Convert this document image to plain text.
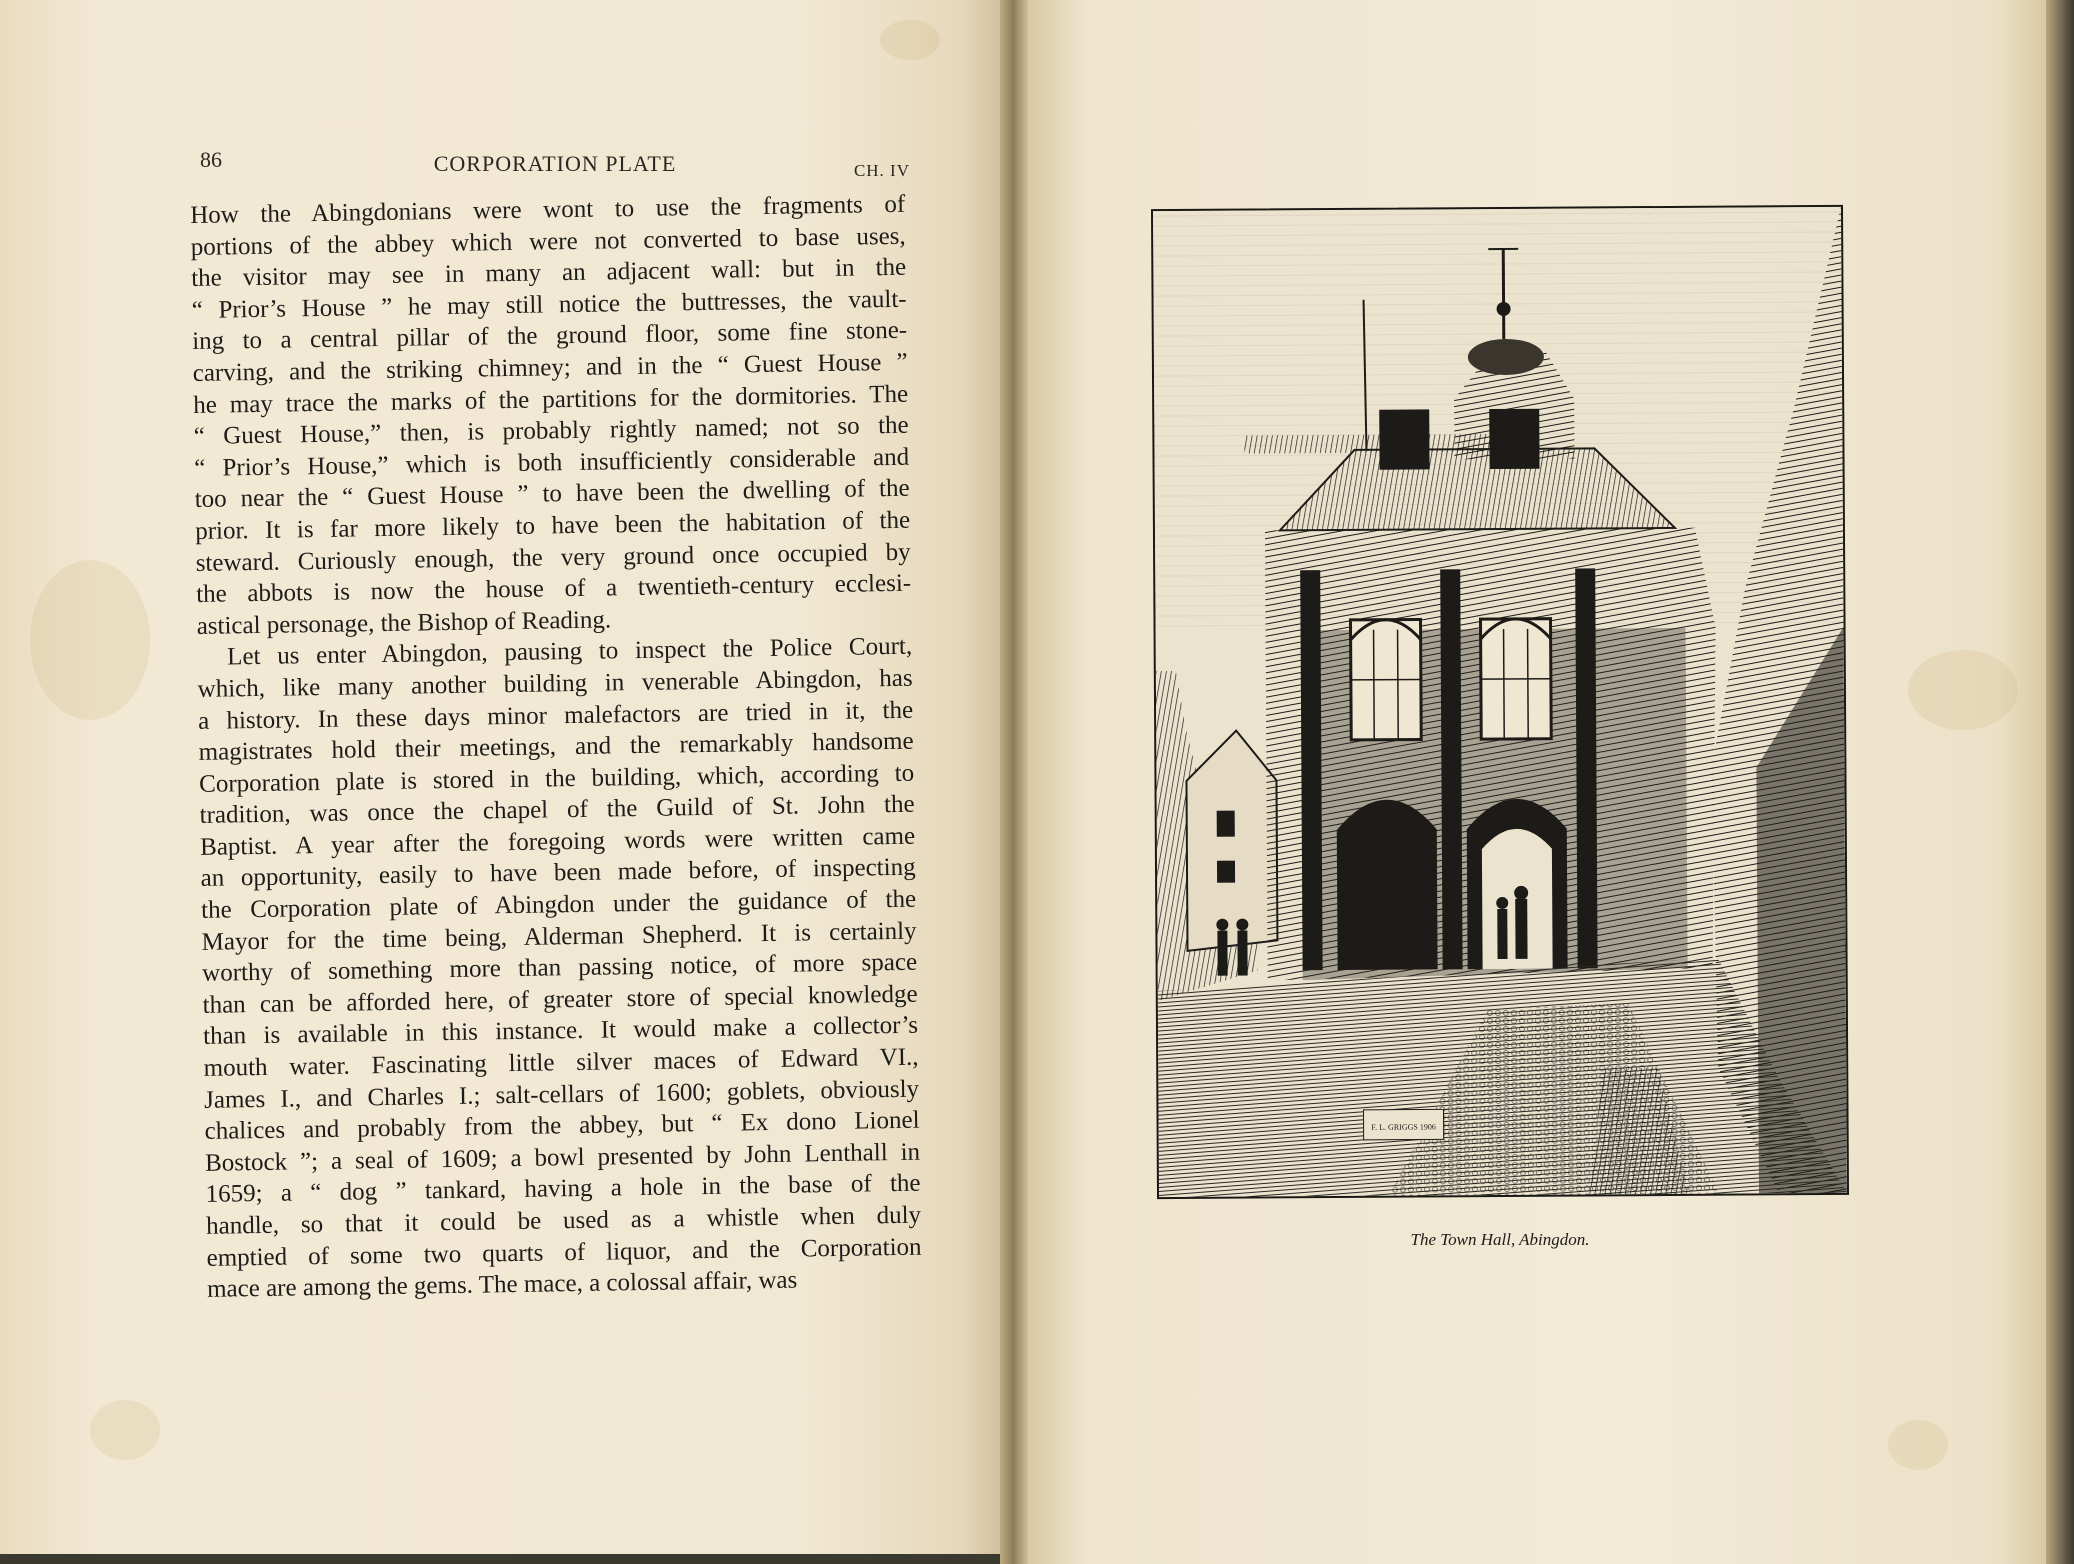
86	CORPORATION PLATE	CH. IV
How the Abingdonians were wont to use the fragments of
portions of the abbey which were not converted to base uses,
the visitor may see in many an adjacent wall: but in the
“ Prior’s House ” he may still notice the buttresses, the vault-
ing to a central pillar of the ground floor, some fine stone-
carving, and the striking chimney; and in the “ Guest House ”
he may trace the marks of the partitions for the dormitories. The
“ Guest House,” then, is probably rightly named; not so the
“ Prior’s House,” which is both insufficiently considerable and
too near the “ Guest House ” to have been the dwelling of the
prior. It is far more likely to have been the habitation of the
steward. Curiously enough, the very ground once occupied by
the abbots is now the house of a twentieth-century ecclesi-
astical personage, the Bishop of Reading.
Let us enter Abingdon, pausing to inspect the Police Court,
which, like many another building in venerable Abingdon, has
a history. In these days minor malefactors are tried in it, the
magistrates hold their meetings, and the remarkably handsome
Corporation plate is stored in the building, which, according to
tradition, was once the chapel of the Guild of St. John the
Baptist. A year after the foregoing words were written came
an opportunity, easily to have been made before, of inspecting
the Corporation plate of Abingdon under the guidance of the
Mayor for the time being, Alderman Shepherd. It is certainly
worthy of something more than passing notice, of more space
than can be afforded here, of greater store of special knowledge
than is available in this instance. It would make a collector’s
mouth water. Fascinating little silver maces of Edward VI.,
James I., and Charles I.; salt-cellars of 1600; goblets, obviously
chalices and probably from the abbey, but “ Ex dono Lionel
Bostock ”; a seal of 1609; a bowl presented by John Lenthall in
1659; a “ dog ” tankard, having a hole in the base of the
handle, so that it could be used as a whistle when duly
emptied of some two quarts of liquor, and the Corporation
mace are among the gems. The mace, a colossal affair, was

F. L. GRIGGS 1906
The Town Hall, Abingdon.
